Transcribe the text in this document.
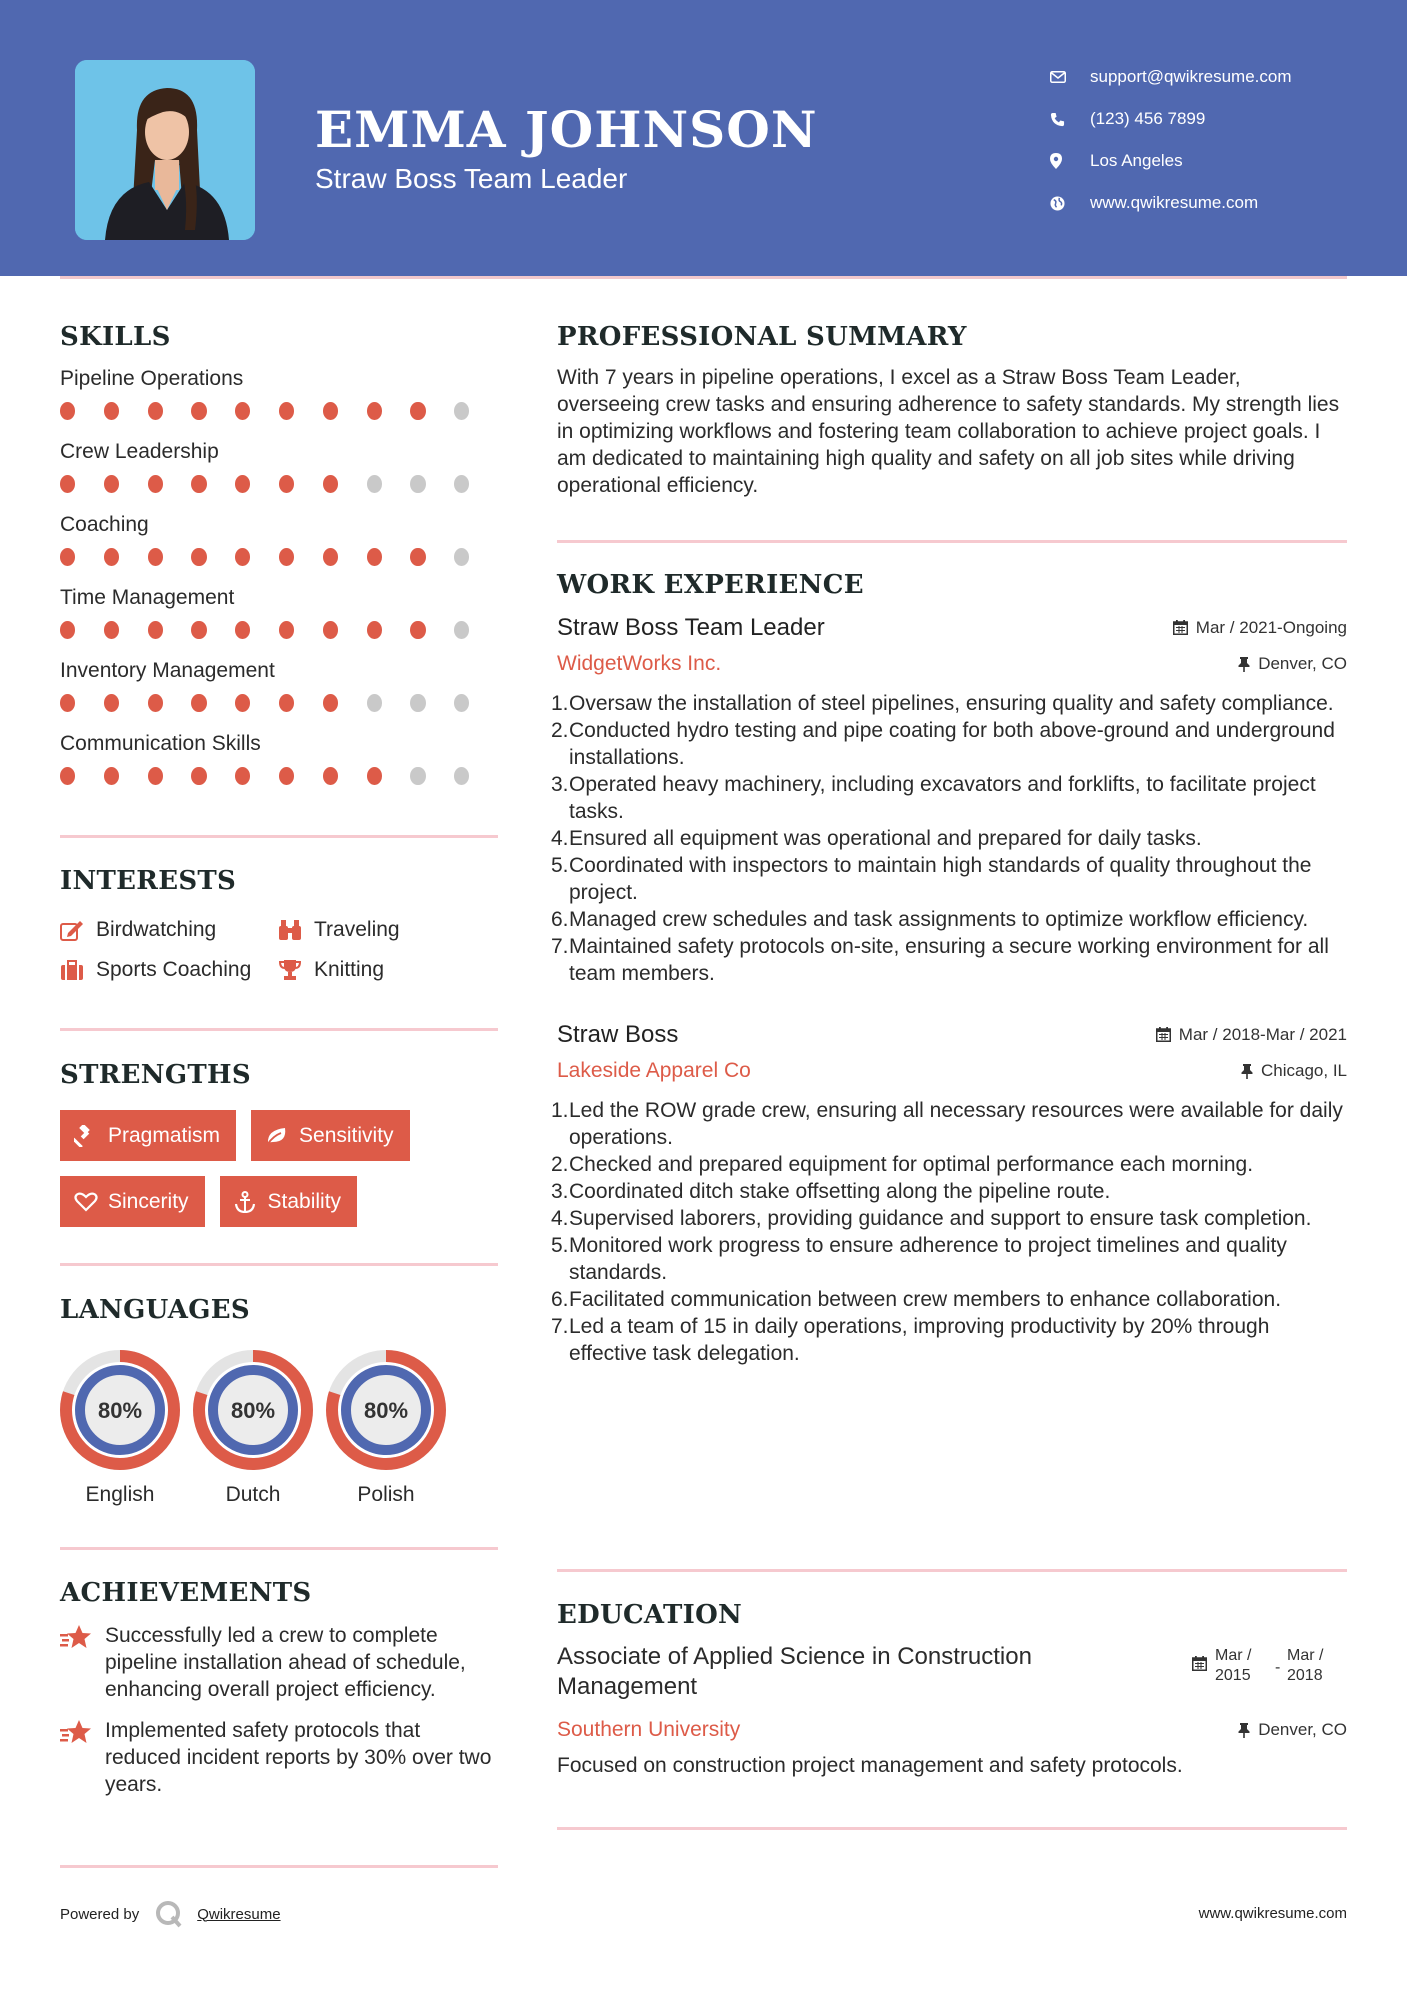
EMMA JOHNSON
Straw Boss Team Leader
support@qwikresume.com
(123) 456 7899
Los Angeles
www.qwikresume.com
SKILLS
Pipeline Operations
Crew Leadership
Coaching
Time Management
Inventory Management
Communication Skills
INTERESTS
Birdwatching	Traveling
Sports Coaching	Knitting
STRENGTHS
Pragmatism	Sensitivity
Sincerity	Stability
LANGUAGES
80%
English
80%
Dutch
80%
Polish
ACHIEVEMENTS
Successfully led a crew to complete pipeline installation ahead of schedule, enhancing overall project efficiency.
Implemented safety protocols that reduced incident reports by 30% over two years.
PROFESSIONAL SUMMARY
With 7 years in pipeline operations, I excel as a Straw Boss Team Leader, overseeing crew tasks and ensuring adherence to safety standards. My strength lies in optimizing workflows and fostering team collaboration to achieve project goals. I am dedicated to maintaining high quality and safety on all job sites while driving operational efficiency.
WORK EXPERIENCE
Straw Boss Team Leader	Mar / 2021-Ongoing
WidgetWorks Inc.	Denver, CO
1. Oversaw the installation of steel pipelines, ensuring quality and safety compliance.
2. Conducted hydro testing and pipe coating for both above-ground and underground installations.
3. Operated heavy machinery, including excavators and forklifts, to facilitate project tasks.
4. Ensured all equipment was operational and prepared for daily tasks.
5. Coordinated with inspectors to maintain high standards of quality throughout the project.
6. Managed crew schedules and task assignments to optimize workflow efficiency.
7. Maintained safety protocols on-site, ensuring a secure working environment for all team members.
Straw Boss	Mar / 2018-Mar / 2021
Lakeside Apparel Co	Chicago, IL
1. Led the ROW grade crew, ensuring all necessary resources were available for daily operations.
2. Checked and prepared equipment for optimal performance each morning.
3. Coordinated ditch stake offsetting along the pipeline route.
4. Supervised laborers, providing guidance and support to ensure task completion.
5. Monitored work progress to ensure adherence to project timelines and quality standards.
6. Facilitated communication between crew members to enhance collaboration.
7. Led a team of 15 in daily operations, improving productivity by 20% through effective task delegation.
EDUCATION
Associate of Applied Science in Construction Management
Mar / 2015	-
Mar / 2018
Southern University	Denver, CO
Focused on construction project management and safety protocols.
Powered by	Qwikresume	www.qwikresume.com
